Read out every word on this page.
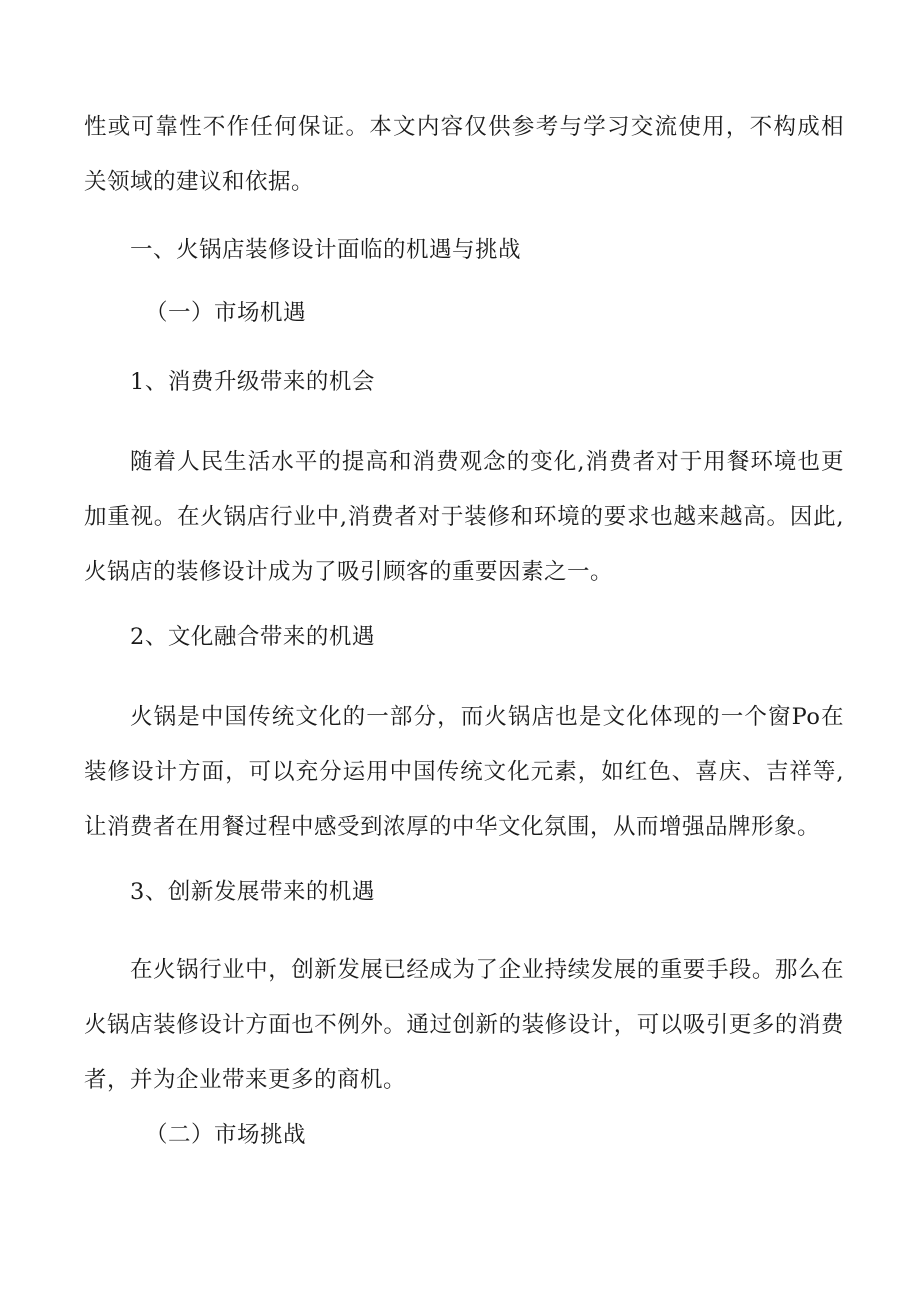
性或可靠性不作任何保证。本文内容仅供参考与学习交流使用，不构成相
关领域的建议和依据。
一、火锅店装修设计面临的机遇与挑战
（一）市场机遇
1、消费升级带来的机会
随着人民生活水平的提高和消费观念的变化,消费者对于用餐环境也更
加重视。在火锅店行业中,消费者对于装修和环境的要求也越来越高。因此,
火锅店的装修设计成为了吸引顾客的重要因素之一。
2、文化融合带来的机遇
火锅是中国传统文化的一部分，而火锅店也是文化体现的一个窗Po在
装修设计方面，可以充分运用中国传统文化元素，如红色、喜庆、吉祥等,
让消费者在用餐过程中感受到浓厚的中华文化氛围，从而增强品牌形象。
3、创新发展带来的机遇
在火锅行业中，创新发展已经成为了企业持续发展的重要手段。那么在
火锅店装修设计方面也不例外。通过创新的装修设计，可以吸引更多的消费
者，并为企业带来更多的商机。
（二）市场挑战
